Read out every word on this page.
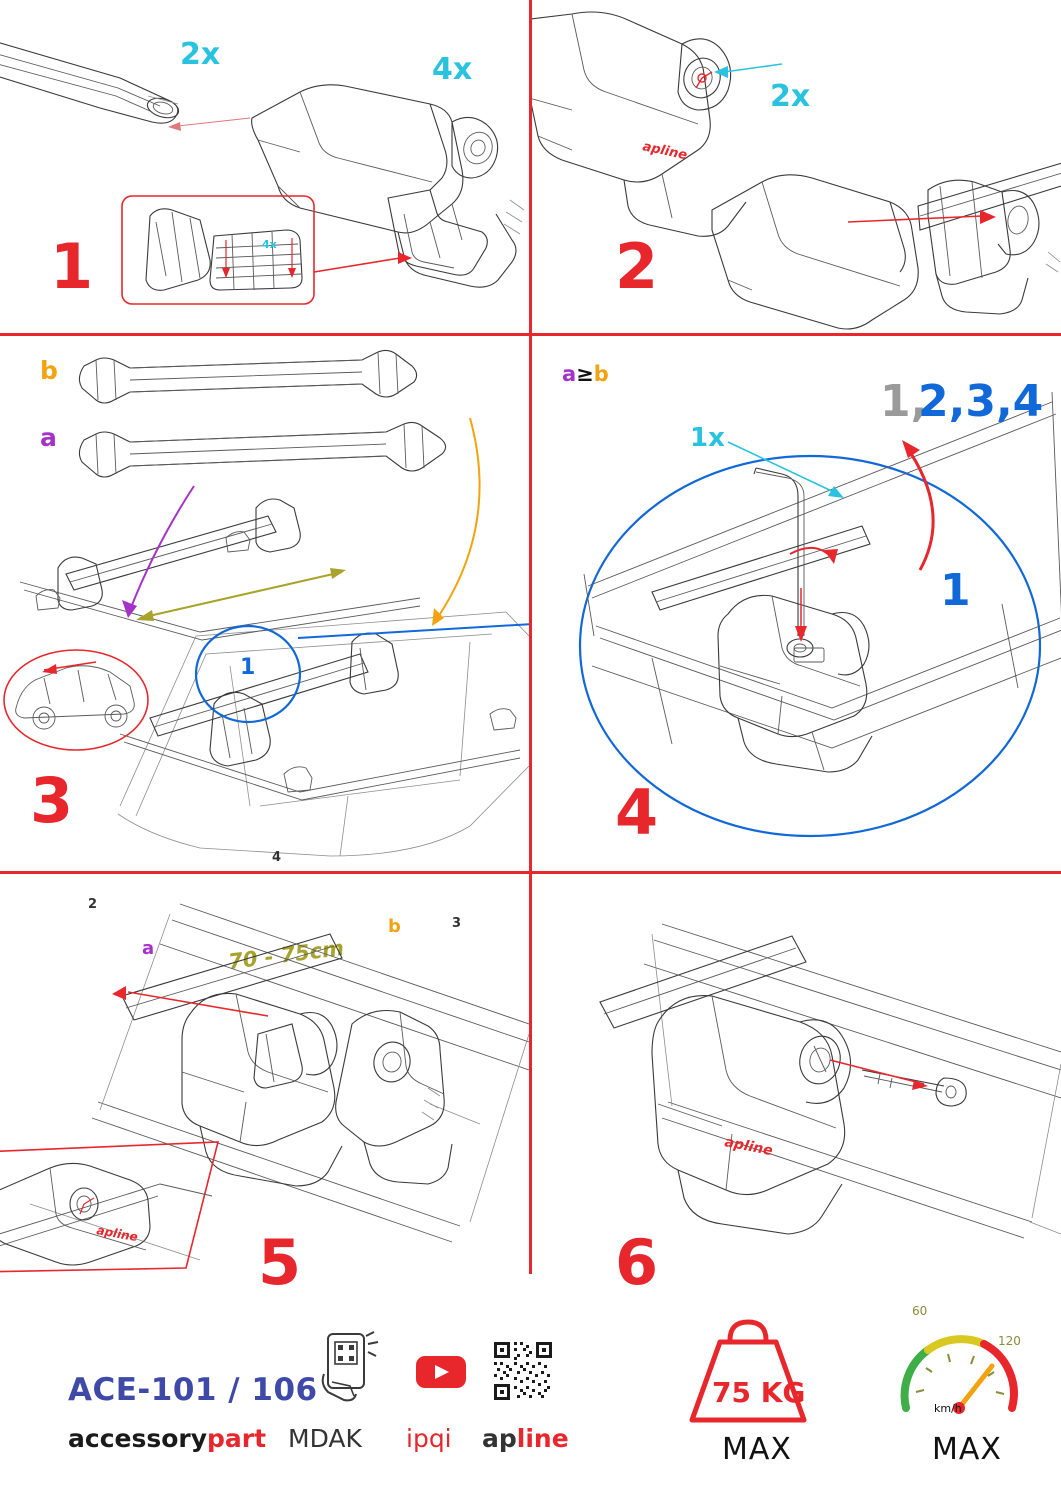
4x
2x	4x
1
apline
2x
2
b
a
a
b
70 - 75cm
2
4
3
1
3
1x
1,
2,3,4
1
a≥b
4
apline 5
apline
6
ACE-101 / 106
accessorypart MDAK ipqi apline
75 KG
MAX
60
120
km/h
MAX
